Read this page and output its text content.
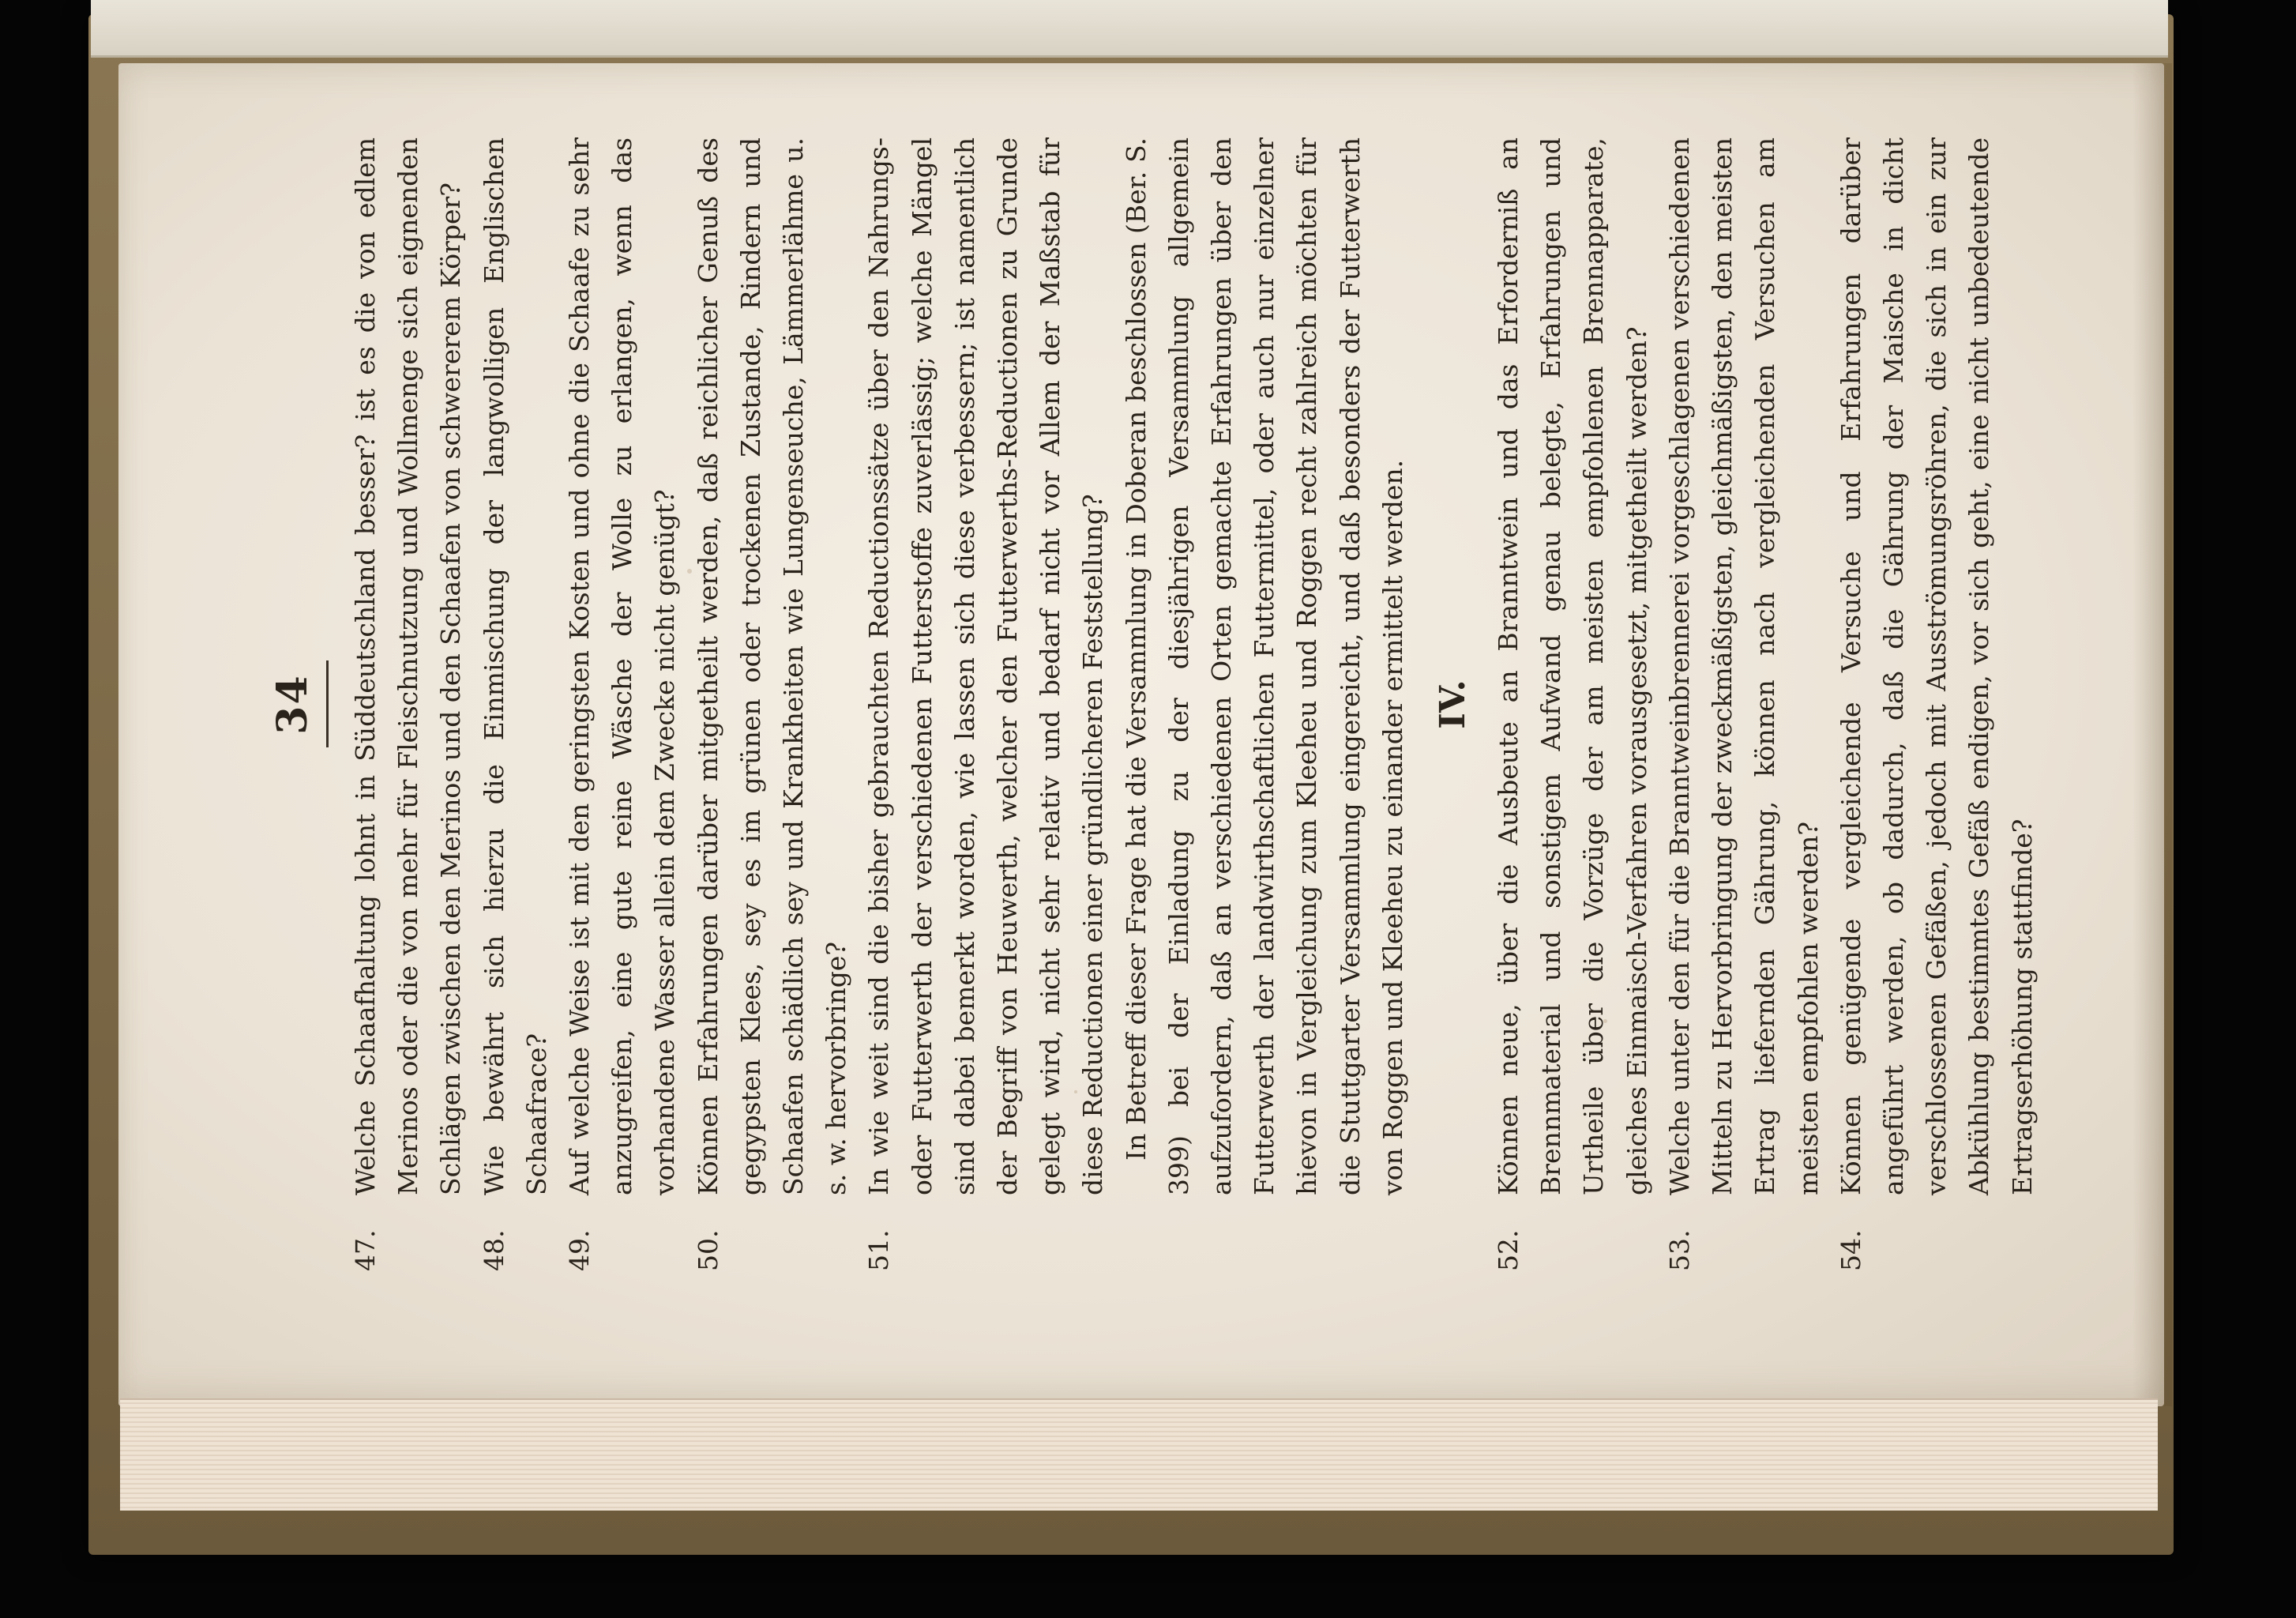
34
47.

Welche Schaafhaltung lohnt in Süddeutschland besser? ist es die von edlem Merinos oder die von mehr für Fleischnutzung und Wollmenge sich eignenden Schlägen zwischen den Merinos und den Schaafen von schwererem Körper?

48.

Wie bewährt sich hierzu die Einmischung der langwolligen Englischen Schaafrace?

49.

Auf welche Weise ist mit den geringsten Kosten und ohne die Schaafe zu sehr anzugreifen, eine gute reine Wäsche der Wolle zu erlangen, wenn das vorhandene Wasser allein dem Zwecke nicht genügt?

50.

Können Erfahrungen darüber mitgetheilt werden, daß reichlicher Genuß des gegypsten Klees, sey es im grünen oder trockenen Zustande, Rindern und Schaafen schädlich sey und Krankheiten wie Lungenseuche, Lämmerlähme u. s. w. hervorbringe?

51.

In wie weit sind die bisher gebrauchten Reductionssätze über den Nahrungs- oder Futterwerth der verschiedenen Futterstoffe zuverlässig; welche Mängel sind dabei bemerkt worden, wie lassen sich diese verbessern; ist namentlich der Begriff von Heuwerth, welcher den Futterwerths-Reductionen zu Grunde gelegt wird, nicht sehr relativ und bedarf nicht vor Allem der Maßstab für diese Reductionen einer gründlicheren Feststellung? In Betreff dieser Frage hat die Versammlung in Doberan beschlossen (Ber. S. 399) bei der Einladung zu der diesjährigen Versammlung allgemein aufzufordern, daß an verschiedenen Orten gemachte Erfahrungen über den Futterwerth der landwirthschaftlichen Futtermittel, oder auch nur einzelner hievon in Vergleichung zum Kleeheu und Roggen recht zahlreich möchten für die Stuttgarter Versammlung eingereicht, und daß besonders der Futterwerth von Roggen und Kleeheu zu einander ermittelt werden. IV.
52.

Können neue, über die Ausbeute an Branntwein und das Erforderniß an Brennmaterial und sonstigem Aufwand genau belegte, Erfahrungen und Urtheile über die Vorzüge der am meisten empfohlenen Brennapparate, gleiches Einmaisch-Verfahren vorausgesetzt, mitgetheilt werden?

53.

Welche unter den für die Branntweinbrennerei vorgeschlagenen verschiedenen Mitteln zu Hervorbringung der zweckmäßigsten, gleichmäßigsten, den meisten Ertrag liefernden Gährung, können nach vergleichenden Versuchen am meisten empfohlen werden?

54.

Können genügende vergleichende Versuche und Erfahrungen darüber angeführt werden, ob dadurch, daß die Gährung der Maische in dicht verschlossenen Gefäßen, jedoch mit Ausströmungsröhren, die sich in ein zur Abkühlung bestimmtes Gefäß endigen, vor sich geht, eine nicht unbedeutende Ertragserhöhung stattfinde?
